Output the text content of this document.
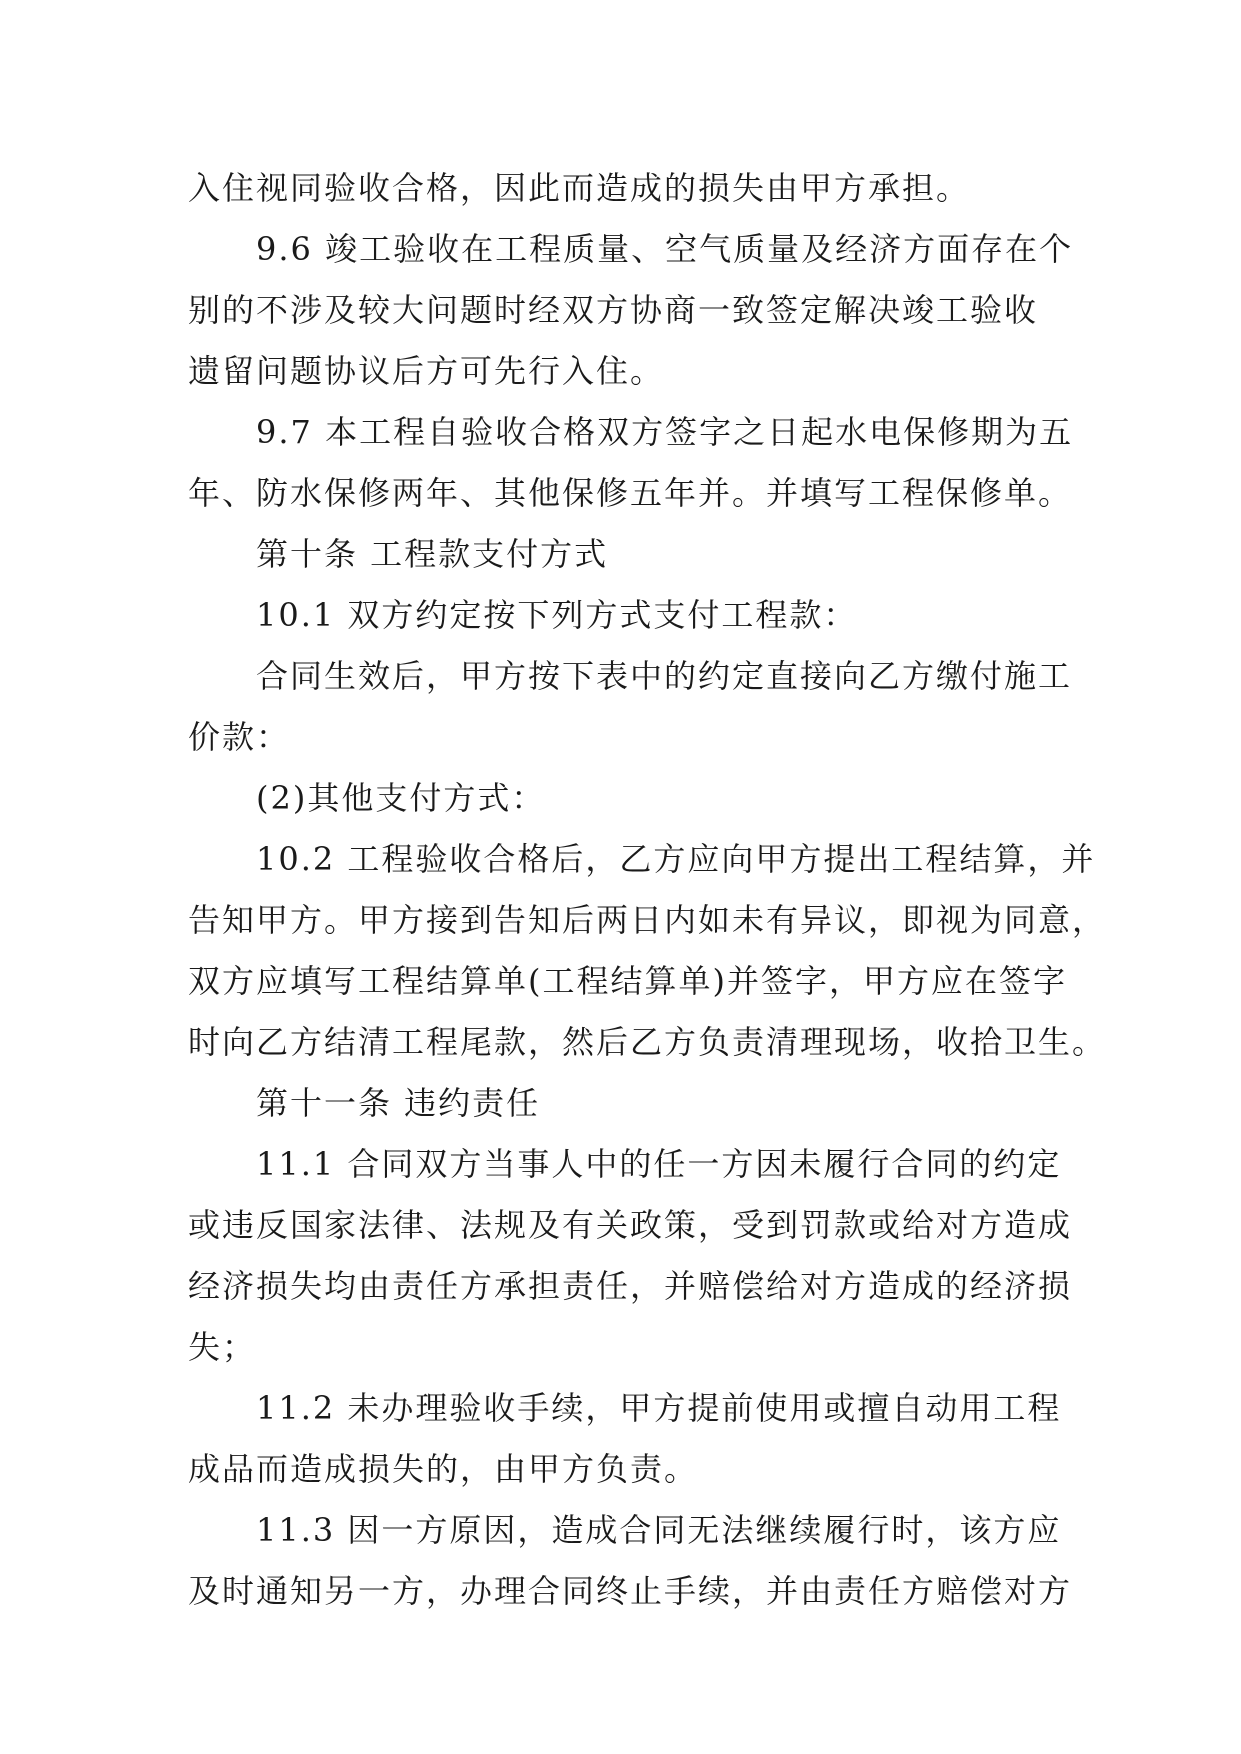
入住视同验收合格，因此而造成的损失由甲方承担。
9.6 竣工验收在工程质量、空气质量及经济方面存在个
别的不涉及较大问题时经双方协商一致签定解决竣工验收
遗留问题协议后方可先行入住。
9.7 本工程自验收合格双方签字之日起水电保修期为五
年、防水保修两年、其他保修五年并。并填写工程保修单。
第十条 工程款支付方式
10.1 双方约定按下列方式支付工程款：
合同生效后，甲方按下表中的约定直接向乙方缴付施工
价款：
(2)其他支付方式：
10.2 工程验收合格后，乙方应向甲方提出工程结算，并
告知甲方。甲方接到告知后两日内如未有异议，即视为同意，
双方应填写工程结算单(工程结算单)并签字，甲方应在签字
时向乙方结清工程尾款，然后乙方负责清理现场，收拾卫生。
第十一条 违约责任
11.1 合同双方当事人中的任一方因未履行合同的约定
或违反国家法律、法规及有关政策，受到罚款或给对方造成
经济损失均由责任方承担责任，并赔偿给对方造成的经济损
失；
11.2 未办理验收手续，甲方提前使用或擅自动用工程
成品而造成损失的，由甲方负责。
11.3 因一方原因，造成合同无法继续履行时，该方应
及时通知另一方，办理合同终止手续，并由责任方赔偿对方
